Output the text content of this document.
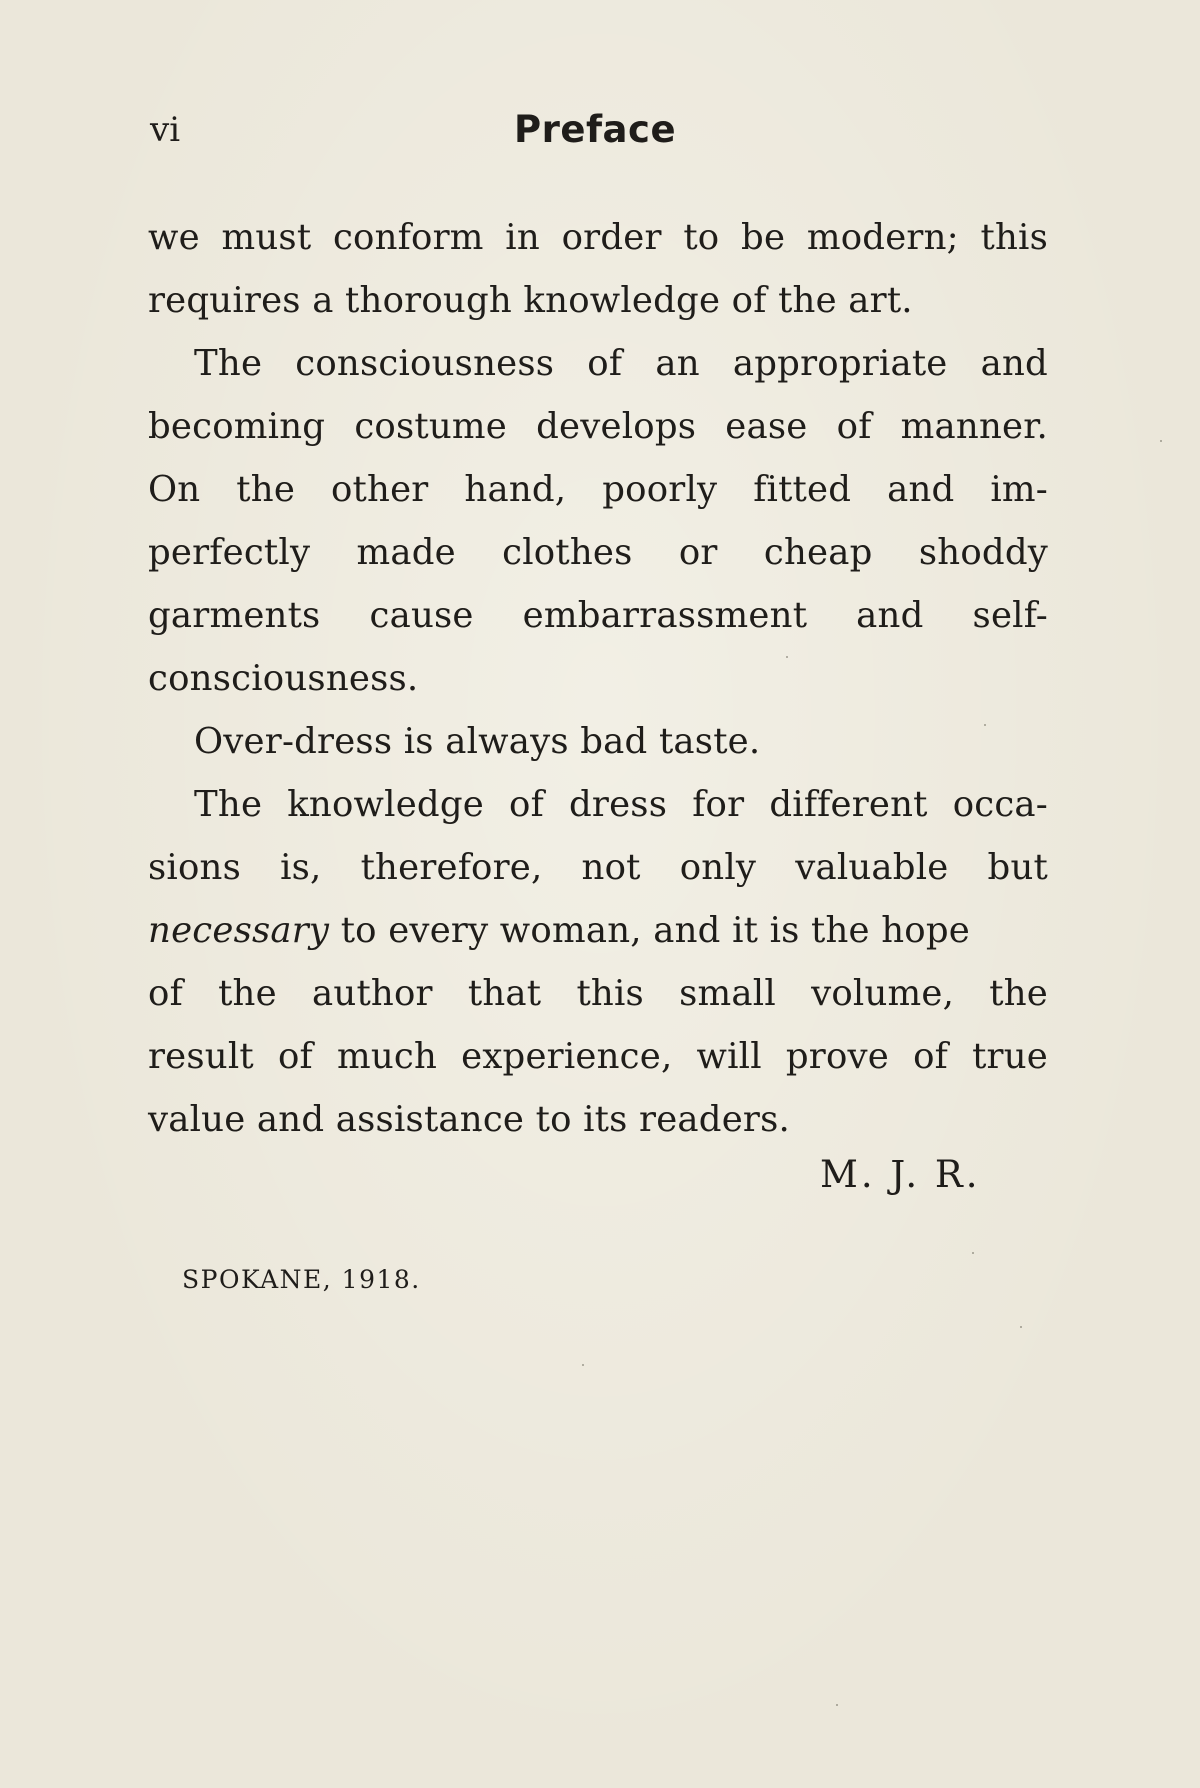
vi	Preface
we must conform in order to be modern; this
requires a thorough knowledge of the art.
The consciousness of an appropriate and
becoming costume develops ease of manner.
On the other hand, poorly fitted and im-
perfectly made clothes or cheap shoddy
garments cause embarrassment and self-
consciousness.
Over-dress is always bad taste.
The knowledge of dress for different occa-
sions is, therefore, not only valuable but
necessary to every woman, and it is the hope
of the author that this small volume, the
result of much experience, will prove of true
value and assistance to its readers.
M. J. R.
SPOKANE, 1918.
